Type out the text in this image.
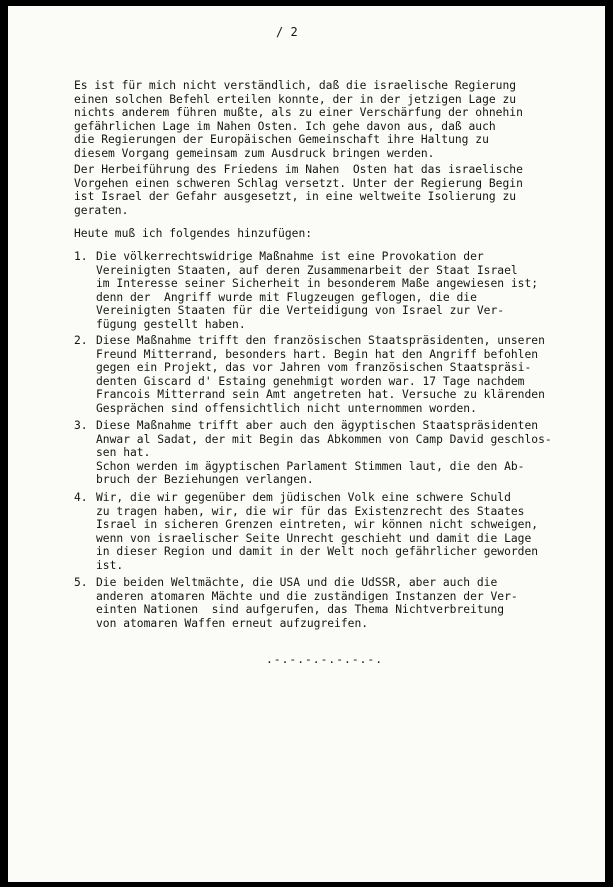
/ 2
Es ist für mich nicht verständlich, daß die israelische Regierung
einen solchen Befehl erteilen konnte, der in der jetzigen Lage zu
nichts anderem führen mußte, als zu einer Verschärfung der ohnehin
gefährlichen Lage im Nahen Osten. Ich gehe davon aus, daß auch
die Regierungen der Europäischen Gemeinschaft ihre Haltung zu
diesem Vorgang gemeinsam zum Ausdruck bringen werden.
Der Herbeiführung des Friedens im Nahen  Osten hat das israelische
Vorgehen einen schweren Schlag versetzt. Unter der Regierung Begin
ist Israel der Gefahr ausgesetzt, in eine weltweite Isolierung zu
geraten.
Heute muß ich folgendes hinzufügen:
1. Die völkerrechtswidrige Maßnahme ist eine Provokation der
Vereinigten Staaten, auf deren Zusammenarbeit der Staat Israel
im Interesse seiner Sicherheit in besonderem Maße angewiesen ist;
denn der  Angriff wurde mit Flugzeugen geflogen, die die
Vereinigten Staaten für die Verteidigung von Israel zur Ver-
fügung gestellt haben.
2. Diese Maßnahme trifft den französischen Staatspräsidenten, unseren
Freund Mitterrand, besonders hart. Begin hat den Angriff befohlen
gegen ein Projekt, das vor Jahren vom französischen Staatspräsi-
denten Giscard d' Estaing genehmigt worden war. 17 Tage nachdem
Francois Mitterrand sein Amt angetreten hat. Versuche zu klärenden
Gesprächen sind offensichtlich nicht unternommen worden.
3. Diese Maßnahme trifft aber auch den ägyptischen Staatspräsidenten
Anwar al Sadat, der mit Begin das Abkommen von Camp David geschlos-
sen hat.
Schon werden im ägyptischen Parlament Stimmen laut, die den Ab-
bruch der Beziehungen verlangen.
4. Wir, die wir gegenüber dem jüdischen Volk eine schwere Schuld
zu tragen haben, wir, die wir für das Existenzrecht des Staates
Israel in sicheren Grenzen eintreten, wir können nicht schweigen,
wenn von israelischer Seite Unrecht geschieht und damit die Lage
in dieser Region und damit in der Welt noch gefährlicher geworden
ist.
5. Die beiden Weltmächte, die USA und die UdSSR, aber auch die
anderen atomaren Mächte und die zuständigen Instanzen der Ver-
einten Nationen  sind aufgerufen, das Thema Nichtverbreitung
von atomaren Waffen erneut aufzugreifen.
.-.-.-.-.-.-.-.
